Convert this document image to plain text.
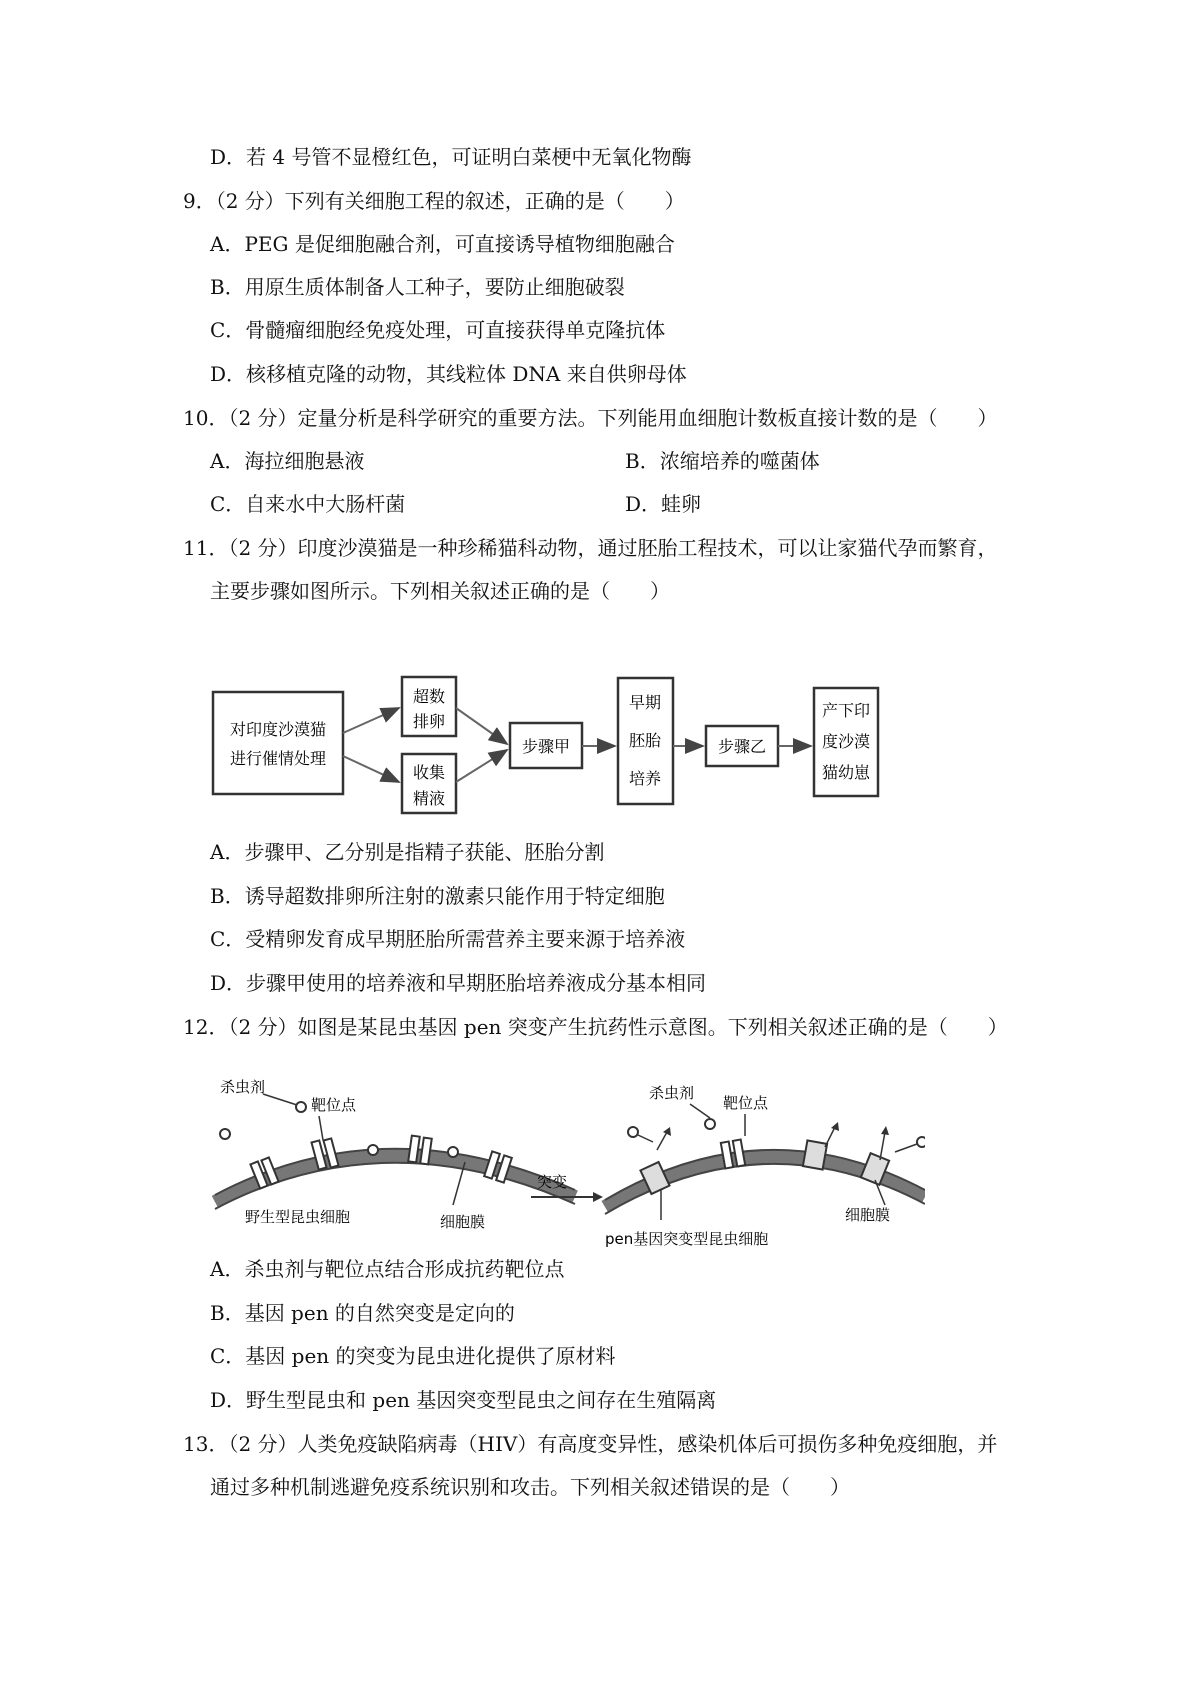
D．若 4 号管不显橙红色，可证明白菜梗中无氧化物酶
9．（2 分）下列有关细胞工程的叙述，正确的是（　　）
A．PEG 是促细胞融合剂，可直接诱导植物细胞融合
B．用原生质体制备人工种子，要防止细胞破裂
C．骨髓瘤细胞经免疫处理，可直接获得单克隆抗体
D．核移植克隆的动物，其线粒体 DNA 来自供卵母体
10．（2 分）定量分析是科学研究的重要方法。下列能用血细胞计数板直接计数的是（　　）
A．海拉细胞悬液	B．浓缩培养的噬菌体
C．自来水中大肠杆菌	D．蛙卵
11．（2 分）印度沙漠猫是一种珍稀猫科动物，通过胚胎工程技术，可以让家猫代孕而繁育，
主要步骤如图所示。下列相关叙述正确的是（　　）
对印度沙漠猫
进行催情处理
超数
排卵
收集
精液
步骤甲
早期
胚胎
培养
步骤乙
产下印
度沙漠
猫幼崽
A．步骤甲、乙分别是指精子获能、胚胎分割
B．诱导超数排卵所注射的激素只能作用于特定细胞
C．受精卵发育成早期胚胎所需营养主要来源于培养液
D．步骤甲使用的培养液和早期胚胎培养液成分基本相同
12．（2 分）如图是某昆虫基因 pen 突变产生抗药性示意图。下列相关叙述正确的是（　　）
杀虫剂
靶位点
野生型昆虫细胞	细胞膜
突变
杀虫剂
靶位点
细胞膜
pen基因突变型昆虫细胞
A．杀虫剂与靶位点结合形成抗药靶位点
B．基因 pen 的自然突变是定向的
C．基因 pen 的突变为昆虫进化提供了原材料
D．野生型昆虫和 pen 基因突变型昆虫之间存在生殖隔离
13．（2 分）人类免疫缺陷病毒（HIV）有高度变异性，感染机体后可损伤多种免疫细胞，并
通过多种机制逃避免疫系统识别和攻击。下列相关叙述错误的是（　　）
